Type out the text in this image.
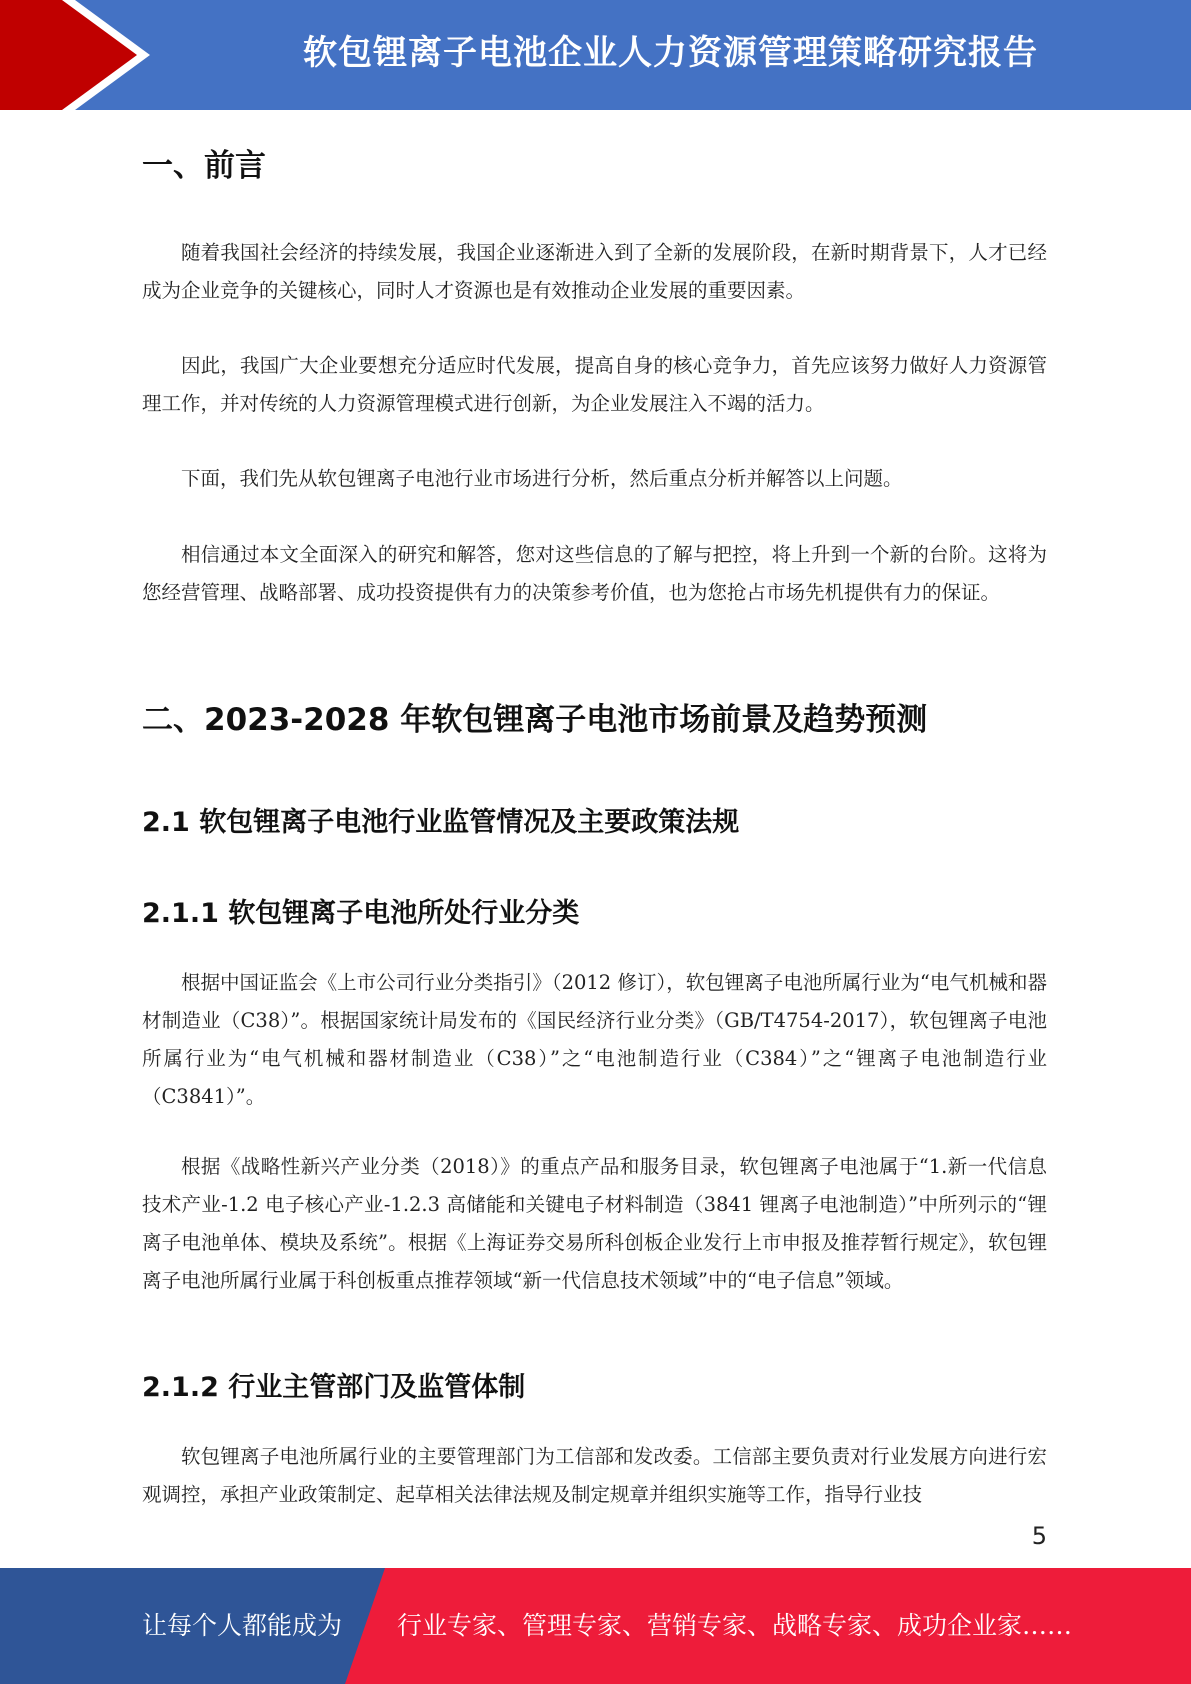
软包锂离子电池企业人力资源管理策略研究报告
一、前言

随着我国社会经济的持续发展，我国企业逐渐进入到了全新的发展阶段，在新时期背景下，人才已经成为企业竞争的关键核心，同时人才资源也是有效推动企业发展的重要因素。

因此，我国广大企业要想充分适应时代发展，提高自身的核心竞争力，首先应该努力做好人力资源管理工作，并对传统的人力资源管理模式进行创新，为企业发展注入不竭的活力。

下面，我们先从软包锂离子电池行业市场进行分析，然后重点分析并解答以上问题。

相信通过本文全面深入的研究和解答，您对这些信息的了解与把控，将上升到一个新的台阶。这将为您经营管理、战略部署、成功投资提供有力的决策参考价值，也为您抢占市场先机提供有力的保证。

二、2023-2028 年软包锂离子电池市场前景及趋势预测
2.1 软包锂离子电池行业监管情况及主要政策法规
2.1.1 软包锂离子电池所处行业分类

根据中国证监会《上市公司行业分类指引》（2012 修订），软包锂离子电池所属行业为“电气机械和器材制造业（C38）”。根据国家统计局发布的《国民经济行业分类》（GB/T4754-2017），软包锂离子电池所属行业为“电气机械和器材制造业（C38）”之“电池制造行业（C384）”之“锂离子电池制造行业（C3841）”。

根据《战略性新兴产业分类（2018）》的重点产品和服务目录，软包锂离子电池属于“1.新一代信息技术产业-1.2 电子核心产业-1.2.3 高储能和关键电子材料制造（3841 锂离子电池制造）”中所列示的“锂离子电池单体、模块及系统”。根据《上海证券交易所科创板企业发行上市申报及推荐暂行规定》，软包锂离子电池所属行业属于科创板重点推荐领域“新一代信息技术领域”中的“电子信息”领域。

2.1.2 行业主管部门及监管体制

软包锂离子电池所属行业的主要管理部门为工信部和发改委。工信部主要负责对行业发展方向进行宏观调控，承担产业政策制定、起草相关法律法规及制定规章并组织实施等工作，指导行业技

5
让每个人都能成为 行业专家、管理专家、营销专家、战略专家、成功企业家……
